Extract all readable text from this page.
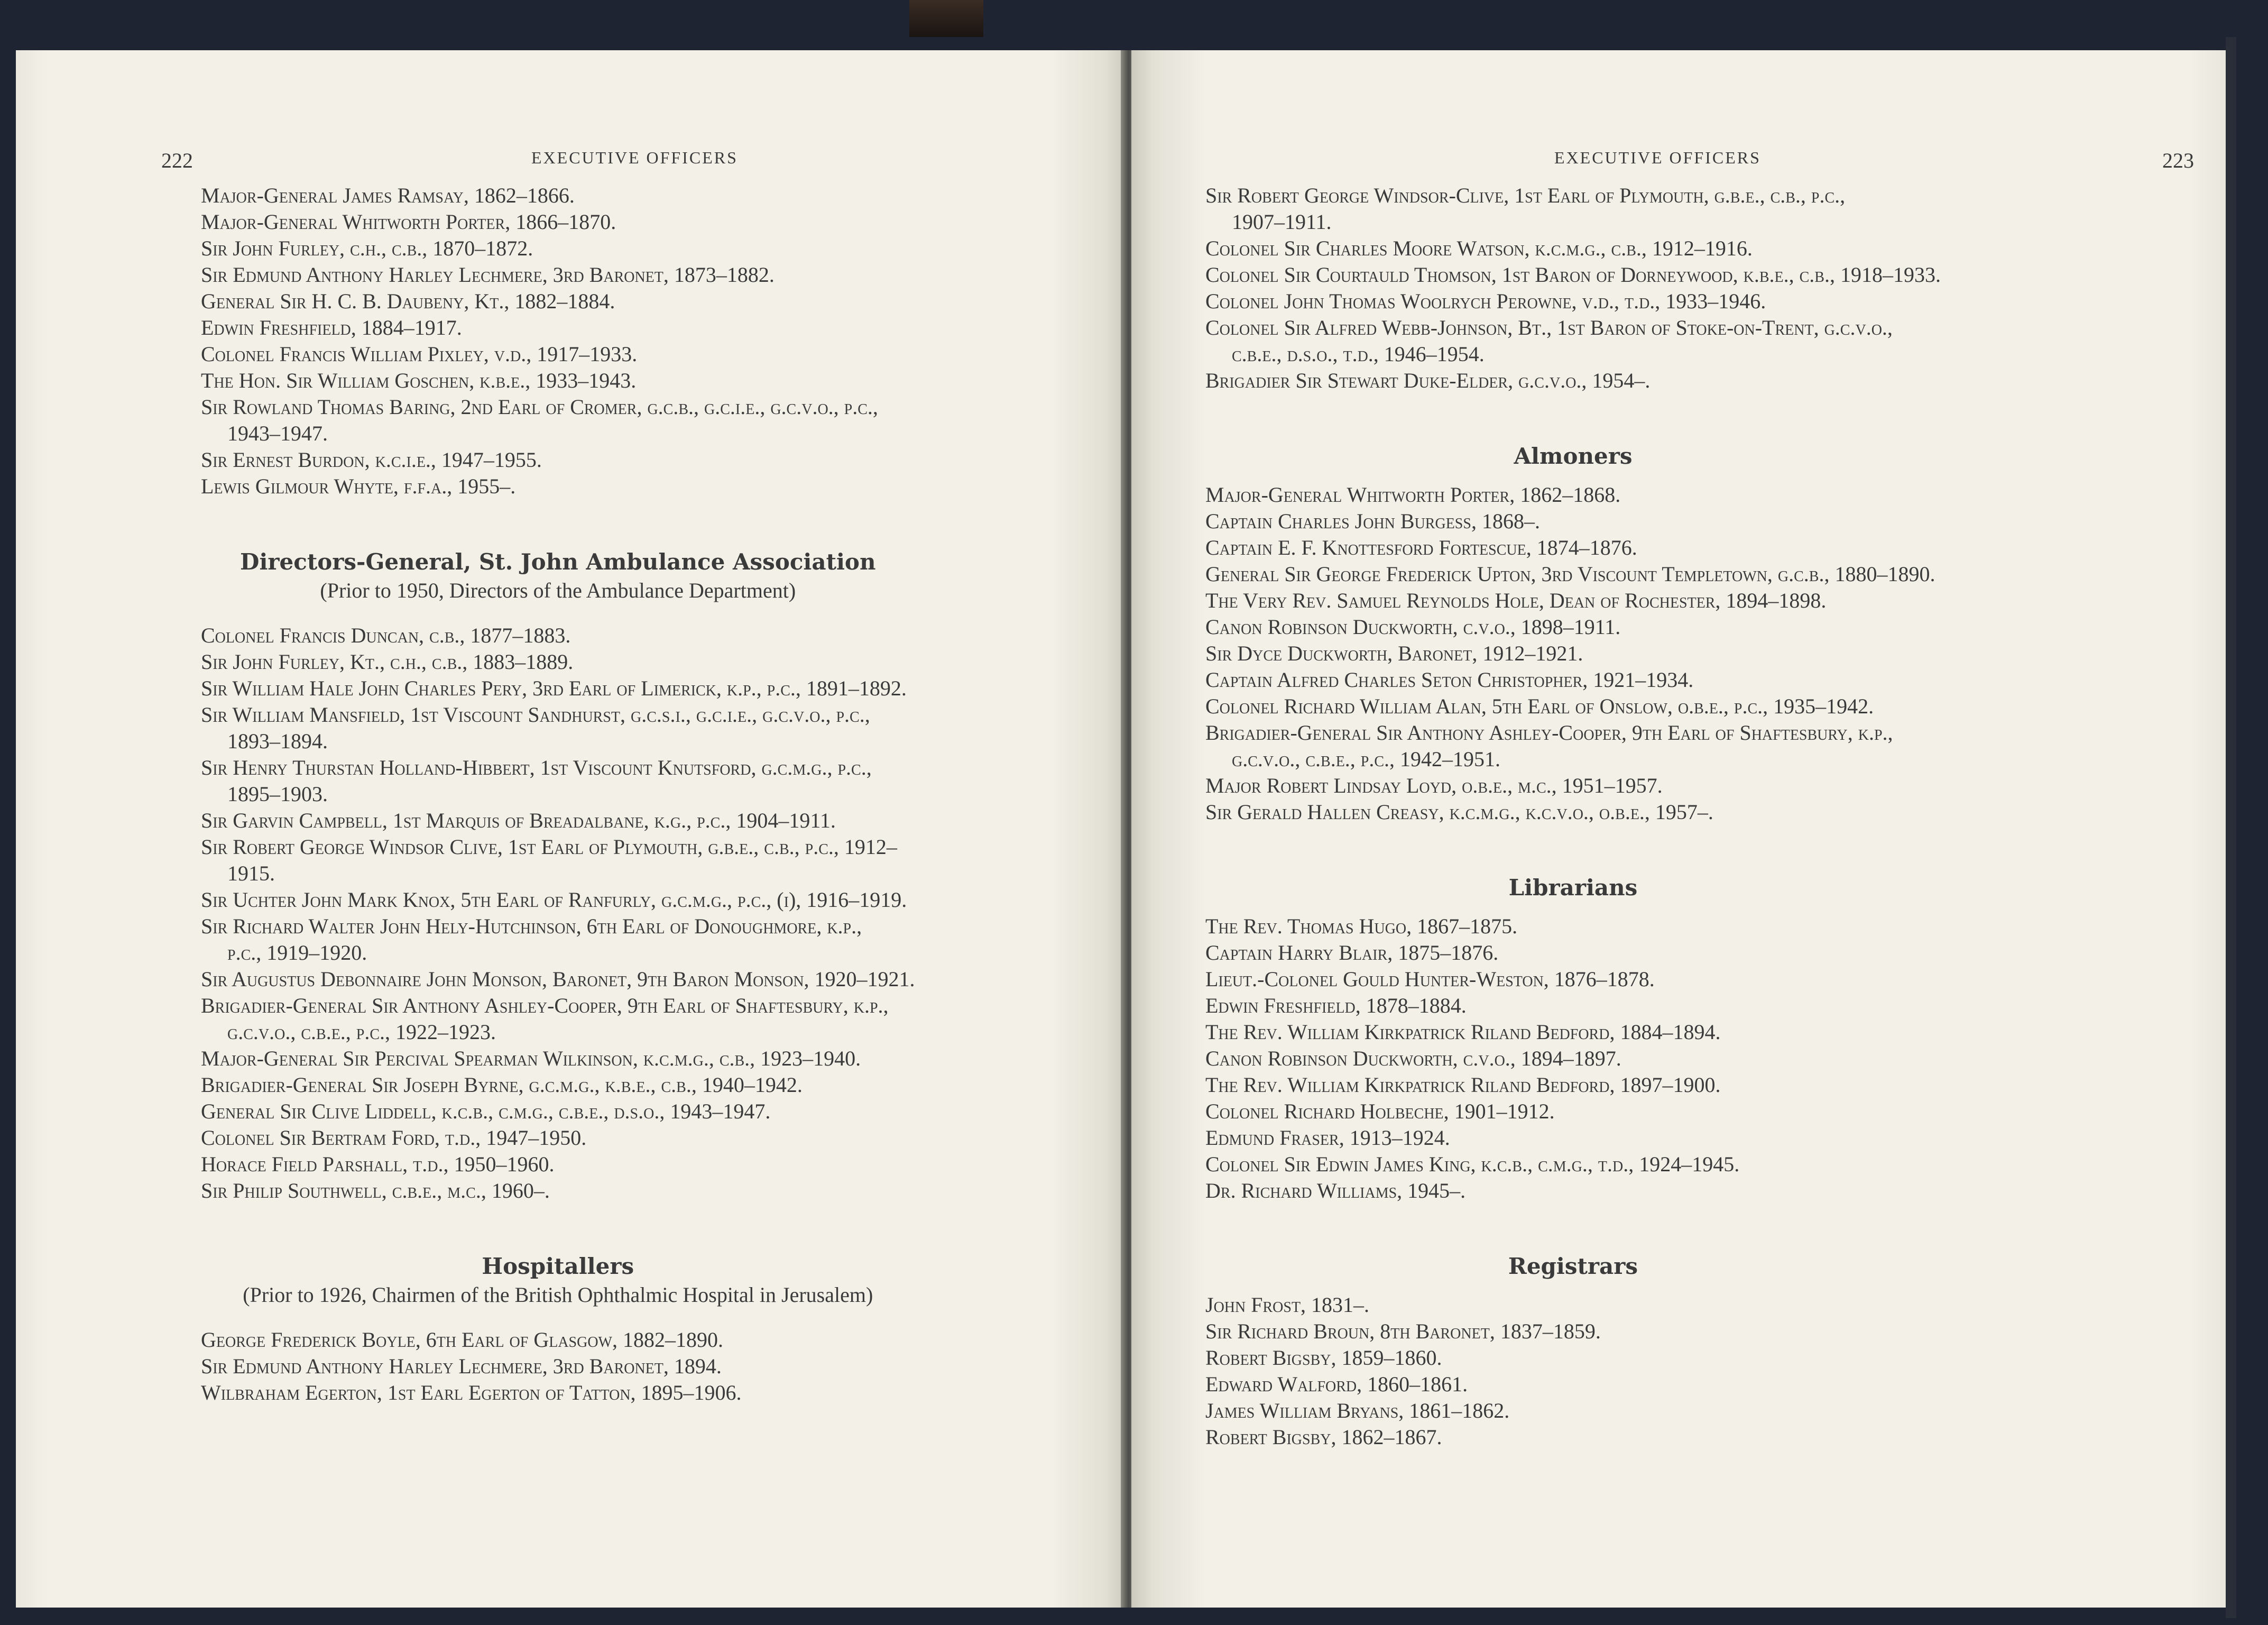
222	EXECUTIVE OFFICERS
Major-General James Ramsay, 1862–1866.
Major-General Whitworth Porter, 1866–1870.
Sir John Furley, c.h., c.b., 1870–1872.
Sir Edmund Anthony Harley Lechmere, 3rd Baronet, 1873–1882.
General Sir H. C. B. Daubeny, Kt., 1882–1884.
Edwin Freshfield, 1884–1917.
Colonel Francis William Pixley, v.d., 1917–1933.
The Hon. Sir William Goschen, k.b.e., 1933–1943.
Sir Rowland Thomas Baring, 2nd Earl of Cromer, g.c.b., g.c.i.e., g.c.v.o., p.c.,
1943–1947.
Sir Ernest Burdon, k.c.i.e., 1947–1955.
Lewis Gilmour Whyte, f.f.a., 1955–.
Directors-General, St. John Ambulance Association
(Prior to 1950, Directors of the Ambulance Department)
Colonel Francis Duncan, c.b., 1877–1883.
Sir John Furley, Kt., c.h., c.b., 1883–1889.
Sir William Hale John Charles Pery, 3rd Earl of Limerick, k.p., p.c., 1891–1892.
Sir William Mansfield, 1st Viscount Sandhurst, g.c.s.i., g.c.i.e., g.c.v.o., p.c.,
1893–1894.
Sir Henry Thurstan Holland-Hibbert, 1st Viscount Knutsford, g.c.m.g., p.c.,
1895–1903.
Sir Garvin Campbell, 1st Marquis of Breadalbane, k.g., p.c., 1904–1911.
Sir Robert George Windsor Clive, 1st Earl of Plymouth, g.b.e., c.b., p.c., 1912–
1915.
Sir Uchter John Mark Knox, 5th Earl of Ranfurly, g.c.m.g., p.c., (i), 1916–1919.
Sir Richard Walter John Hely-Hutchinson, 6th Earl of Donoughmore, k.p.,
p.c., 1919–1920.
Sir Augustus Debonnaire John Monson, Baronet, 9th Baron Monson, 1920–1921.
Brigadier-General Sir Anthony Ashley-Cooper, 9th Earl of Shaftesbury, k.p.,
g.c.v.o., c.b.e., p.c., 1922–1923.
Major-General Sir Percival Spearman Wilkinson, k.c.m.g., c.b., 1923–1940.
Brigadier-General Sir Joseph Byrne, g.c.m.g., k.b.e., c.b., 1940–1942.
General Sir Clive Liddell, k.c.b., c.m.g., c.b.e., d.s.o., 1943–1947.
Colonel Sir Bertram Ford, t.d., 1947–1950.
Horace Field Parshall, t.d., 1950–1960.
Sir Philip Southwell, c.b.e., m.c., 1960–.
Hospitallers
(Prior to 1926, Chairmen of the British Ophthalmic Hospital in Jerusalem)
George Frederick Boyle, 6th Earl of Glasgow, 1882–1890.
Sir Edmund Anthony Harley Lechmere, 3rd Baronet, 1894.
Wilbraham Egerton, 1st Earl Egerton of Tatton, 1895–1906.
EXECUTIVE OFFICERS	223
Sir Robert George Windsor-Clive, 1st Earl of Plymouth, g.b.e., c.b., p.c.,
1907–1911.
Colonel Sir Charles Moore Watson, k.c.m.g., c.b., 1912–1916.
Colonel Sir Courtauld Thomson, 1st Baron of Dorneywood, k.b.e., c.b., 1918–1933.
Colonel John Thomas Woolrych Perowne, v.d., t.d., 1933–1946.
Colonel Sir Alfred Webb-Johnson, Bt., 1st Baron of Stoke-on-Trent, g.c.v.o.,
c.b.e., d.s.o., t.d., 1946–1954.
Brigadier Sir Stewart Duke-Elder, g.c.v.o., 1954–.
Almoners
Major-General Whitworth Porter, 1862–1868.
Captain Charles John Burgess, 1868–.
Captain E. F. Knottesford Fortescue, 1874–1876.
General Sir George Frederick Upton, 3rd Viscount Templetown, g.c.b., 1880–1890.
The Very Rev. Samuel Reynolds Hole, Dean of Rochester, 1894–1898.
Canon Robinson Duckworth, c.v.o., 1898–1911.
Sir Dyce Duckworth, Baronet, 1912–1921.
Captain Alfred Charles Seton Christopher, 1921–1934.
Colonel Richard William Alan, 5th Earl of Onslow, o.b.e., p.c., 1935–1942.
Brigadier-General Sir Anthony Ashley-Cooper, 9th Earl of Shaftesbury, k.p.,
g.c.v.o., c.b.e., p.c., 1942–1951.
Major Robert Lindsay Loyd, o.b.e., m.c., 1951–1957.
Sir Gerald Hallen Creasy, k.c.m.g., k.c.v.o., o.b.e., 1957–.
Librarians
The Rev. Thomas Hugo, 1867–1875.
Captain Harry Blair, 1875–1876.
Lieut.-Colonel Gould Hunter-Weston, 1876–1878.
Edwin Freshfield, 1878–1884.
The Rev. William Kirkpatrick Riland Bedford, 1884–1894.
Canon Robinson Duckworth, c.v.o., 1894–1897.
The Rev. William Kirkpatrick Riland Bedford, 1897–1900.
Colonel Richard Holbeche, 1901–1912.
Edmund Fraser, 1913–1924.
Colonel Sir Edwin James King, k.c.b., c.m.g., t.d., 1924–1945.
Dr. Richard Williams, 1945–.
Registrars
John Frost, 1831–.
Sir Richard Broun, 8th Baronet, 1837–1859.
Robert Bigsby, 1859–1860.
Edward Walford, 1860–1861.
James William Bryans, 1861–1862.
Robert Bigsby, 1862–1867.
